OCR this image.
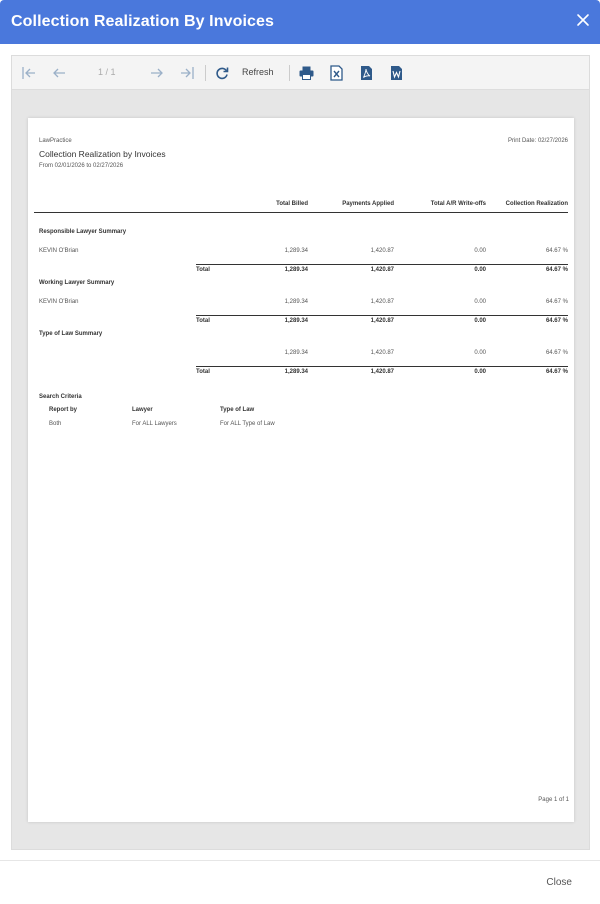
Collection Realization By Invoices
1 / 1	Refresh
LawPractice	Print Date: 02/27/2026
Collection Realization by Invoices
From 02/01/2026 to 02/27/2026
Total Billed	Payments Applied	Total A/R Write-offs	Collection Realization
Responsible Lawyer Summary
KEVIN O'Brian	1,289.34	1,420.87	0.00	64.67 %
Total	1,289.34	1,420.87	0.00	64.67 %
Working Lawyer Summary
KEVIN O'Brian	1,289.34	1,420.87	0.00	64.67 %
Total	1,289.34	1,420.87	0.00	64.67 %
Type of Law Summary
1,289.34	1,420.87	0.00	64.67 %
Total	1,289.34	1,420.87	0.00	64.67 %
Search Criteria
Report by	Lawyer	Type of Law
Both	For ALL Lawyers	For ALL Type of Law
Page 1 of 1
Close
